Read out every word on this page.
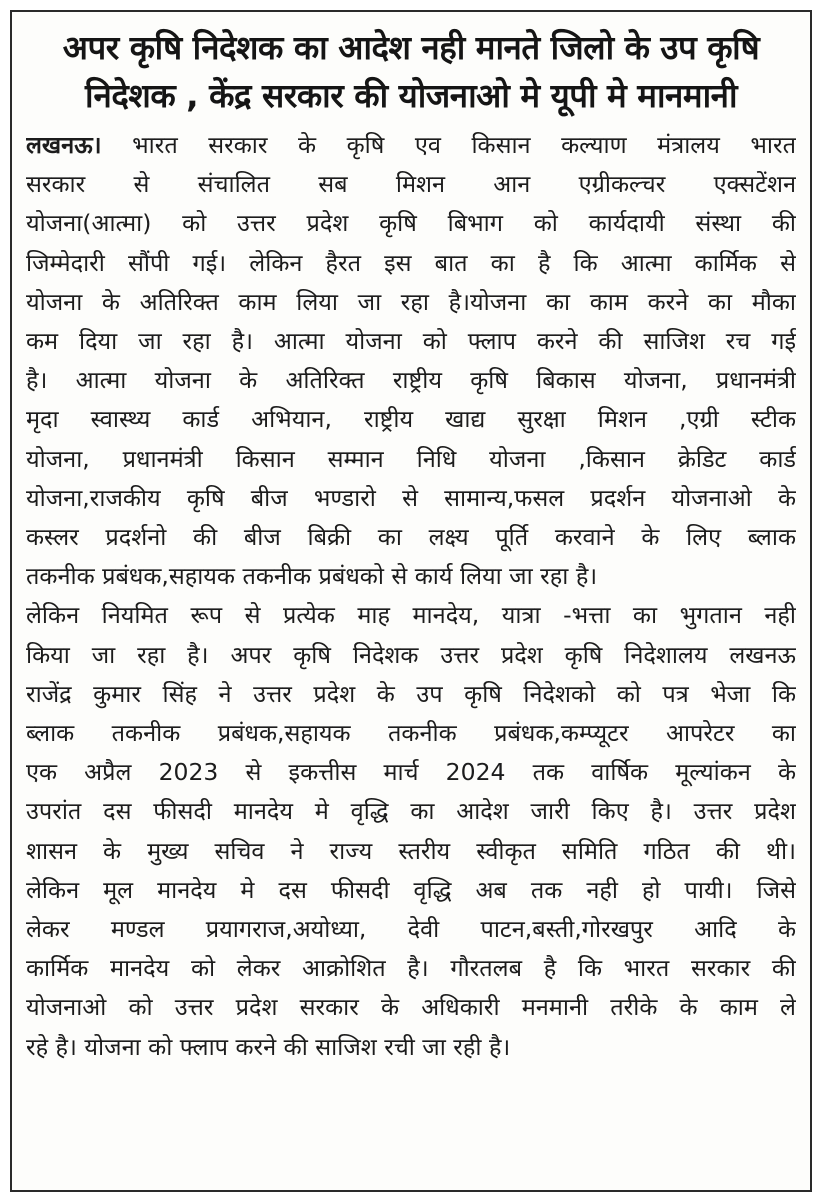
अपर कृषि निदेशक का आदेश नही मानते जिलो के उप कृषि
निदेशक , केंद्र सरकार की योजनाओ मे यूपी मे मानमानी
लखनऊ। भारत सरकार के कृषि एव किसान कल्याण मंत्रालय भारत
सरकार से संचालित सब मिशन आन एग्रीकल्चर एक्सटेंशन
योजना(आत्मा) को उत्तर प्रदेश कृषि बिभाग को कार्यदायी संस्था की
जिम्मेदारी सौंपी गई। लेकिन हैरत इस बात का है कि आत्मा कार्मिक से
योजना के अतिरिक्त काम लिया जा रहा है।योजना का काम करने का मौका
कम दिया जा रहा है। आत्मा योजना को फ्लाप करने की साजिश रच गई
है। आत्मा योजना के अतिरिक्त राष्ट्रीय कृषि बिकास योजना, प्रधानमंत्री
मृदा स्वास्थ्य कार्ड अभियान, राष्ट्रीय खाद्य सुरक्षा मिशन ,एग्री स्टीक
योजना, प्रधानमंत्री किसान सम्मान निधि योजना ,किसान क्रेडिट कार्ड
योजना,राजकीय कृषि बीज भण्डारो से सामान्य,फसल प्रदर्शन योजनाओ के
कस्लर प्रदर्शनो की बीज बिक्री का लक्ष्य पूर्ति करवाने के लिए ब्लाक
तकनीक प्रबंधक,सहायक तकनीक प्रबंधको से कार्य लिया जा रहा है।
लेकिन नियमित रूप से प्रत्येक माह मानदेय, यात्रा -भत्ता का भुगतान नही
किया जा रहा है। अपर कृषि निदेशक उत्तर प्रदेश कृषि निदेशालय लखनऊ
राजेंद्र कुमार सिंह ने उत्तर प्रदेश के उप कृषि निदेशको को पत्र भेजा कि
ब्लाक तकनीक प्रबंधक,सहायक तकनीक प्रबंधक,कम्प्यूटर आपरेटर का
एक अप्रैल 2023 से इकत्तीस मार्च 2024 तक वार्षिक मूल्यांकन के
उपरांत दस फीसदी मानदेय मे वृद्धि का आदेश जारी किए है। उत्तर प्रदेश
शासन के मुख्य सचिव ने राज्य स्तरीय स्वीकृत समिति गठित की थी।
लेकिन मूल मानदेय मे दस फीसदी वृद्धि अब तक नही हो पायी। जिसे
लेकर मण्डल प्रयागराज,अयोध्या, देवी पाटन,बस्ती,गोरखपुर आदि के
कार्मिक मानदेय को लेकर आक्रोशित है। गौरतलब है कि भारत सरकार की
योजनाओ को उत्तर प्रदेश सरकार के अधिकारी मनमानी तरीके के काम ले
रहे है। योजना को फ्लाप करने की साजिश रची जा रही है।
